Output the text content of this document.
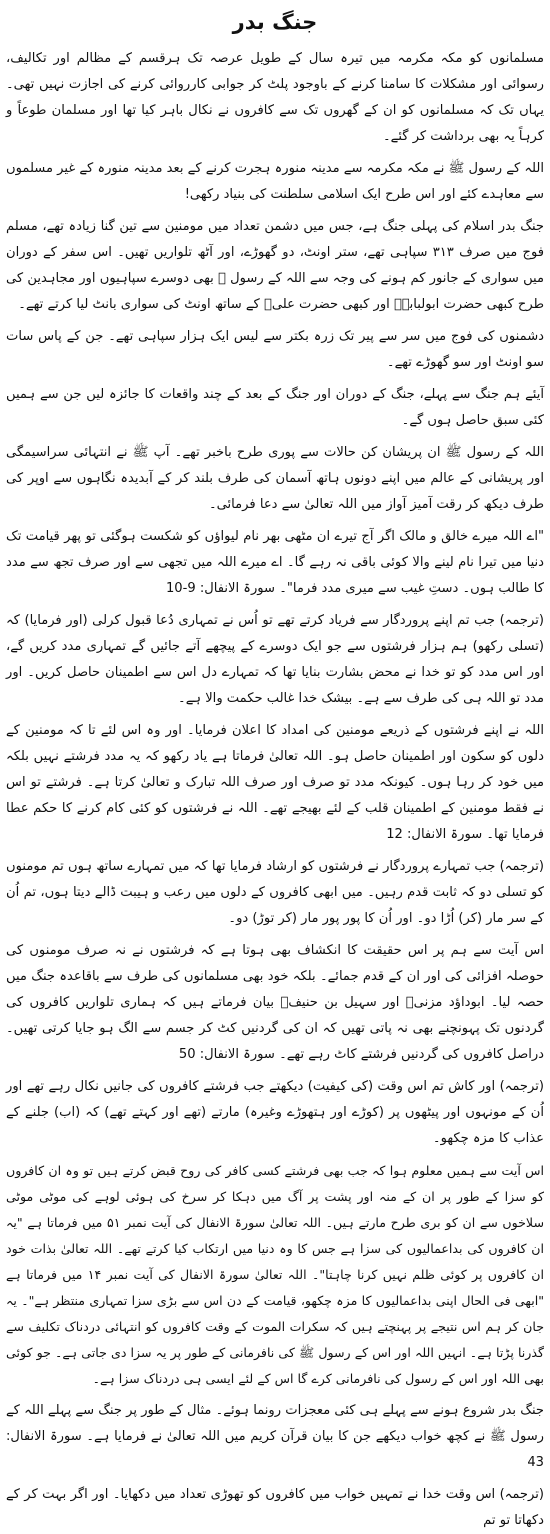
جنگ بدر

مسلمانوں کو مکہ مکرمہ میں تیرہ سال کے طویل عرصہ تک ہرقسم کے مظالم اور تکالیف، رسوائی اور مشکلات کا سامنا کرنے کے باوجود پلٹ کر جوابی کارروائی کرنے کی اجازت نہیں تھی۔ یہاں تک کہ مسلمانوں کو ان کے گھروں تک سے کافروں نے نکال باہر کیا تھا اور مسلمان طوعاً و کرہاً یہ بھی برداشت کر گئے۔

اللہ کے رسول ﷺ نے مکہ مکرمہ سے مدینہ منورہ ہجرت کرنے کے بعد مدینہ منورہ کے غیر مسلموں سے معاہدے کئے اور اس طرح ایک اسلامی سلطنت کی بنیاد رکھی!

جنگ بدر اسلام کی پہلی جنگ ہے، جس میں دشمن تعداد میں مومنین سے تین گنا زیادہ تھے، مسلم فوج میں صرف ۳۱۳ سپاہی تھے، ستر اونٹ، دو گھوڑے، اور آٹھ تلواریں تھیں۔ اس سفر کے دوران میں سواری کے جانور کم ہونے کی وجہ سے اللہ کے رسول ﷺ بھی دوسرے سپاہیوں اور مجاہدین کی طرح کبھی حضرت ابولبابہؓ اور کبھی حضرت علیؓ کے ساتھ اونٹ کی سواری بانٹ لیا کرتے تھے۔

دشمنوں کی فوج میں سر سے پیر تک زرہ بکتر سے لیس ایک ہزار سپاہی تھے۔ جن کے پاس سات سو اونٹ اور سو گھوڑے تھے۔

آیئے ہم جنگ سے پہلے، جنگ کے دوران اور جنگ کے بعد کے چند واقعات کا جائزہ لیں جن سے ہمیں کئی سبق حاصل ہوں گے۔

اللہ کے رسول ﷺ ان پریشان کن حالات سے پوری طرح باخبر تھے۔ آپ ﷺ نے انتہائی سراسیمگی اور پریشانی کے عالم میں اپنے دونوں ہاتھ آسمان کی طرف بلند کر کے آبدیدہ نگاہوں سے اوپر کی طرف دیکھ کر رقت آمیز آواز میں اللہ تعالیٰ سے دعا فرمائی۔

"اے اللہ میرے خالق و مالک اگر آج تیرے ان مٹھی بھر نام لیواؤں کو شکست ہوگئی تو پھر قیامت تک دنیا میں تیرا نام لینے والا کوئی باقی نہ رہے گا۔ اے میرے اللہ میں تجھی سے اور صرف تجھ سے مدد کا طالب ہوں۔ دستِ غیب سے میری مدد فرما"۔ سورۃ الانفال: 9-10

(ترجمہ) جب تم اپنے پروردگار سے فریاد کرتے تھے تو اُس نے تمہاری دُعا قبول کرلی (اور فرمایا) کہ (تسلی رکھو) ہم ہزار فرشتوں سے جو ایک دوسرے کے پیچھے آتے جائیں گے تمہاری مدد کریں گے، اور اس مدد کو تو خدا نے محض بشارت بنایا تھا کہ تمہارے دل اس سے اطمینان حاصل کریں۔ اور مدد تو اللہ ہی کی طرف سے ہے۔ بیشک خدا غالب حکمت والا ہے۔

اللہ نے اپنے فرشتوں کے ذریعے مومنین کی امداد کا اعلان فرمایا۔ اور وہ اس لئے تا کہ مومنین کے دلوں کو سکون اور اطمینان حاصل ہو۔ اللہ تعالیٰ فرماتا ہے یاد رکھو کہ یہ مدد فرشتے نہیں بلکہ میں خود کر رہا ہوں۔ کیونکہ مدد تو صرف اور صرف اللہ تبارک و تعالیٰ کرتا ہے۔ فرشتے تو اس نے فقط مومنین کے اطمینان قلب کے لئے بھیجے تھے۔ اللہ نے فرشتوں کو کئی کام کرنے کا حکم عطا فرمایا تھا۔ سورۃ الانفال: 12

(ترجمہ) جب تمہارے پروردگار نے فرشتوں کو ارشاد فرمایا تھا کہ میں تمہارے ساتھ ہوں تم مومنوں کو تسلی دو کہ ثابت قدم رہیں۔ میں ابھی کافروں کے دلوں میں رعب و ہیبت ڈالے دیتا ہوں، تم اُن کے سر مار (کر) اُڑا دو۔ اور اُن کا پور پور مار (کر توڑ) دو۔

اس آیت سے ہم پر اس حقیقت کا انکشاف بھی ہوتا ہے کہ فرشتوں نے نہ صرف مومنوں کی حوصلہ افزائی کی اور ان کے قدم جمائے۔ بلکہ خود بھی مسلمانوں کی طرف سے باقاعدہ جنگ میں حصہ لیا۔ ابوداؤد مزنیؓ اور سہیل بن حنیفؓ بیان فرماتے ہیں کہ ہماری تلواریں کافروں کی گردنوں تک پہونچنے بھی نہ پاتی تھیں کہ ان کی گردنیں کٹ کر جسم سے الگ ہو جایا کرتی تھیں۔ دراصل کافروں کی گردنیں فرشتے کاٹ رہے تھے۔ سورۃ الانفال: 50

(ترجمہ) اور کاش تم اس وقت (کی کیفیت) دیکھتے جب فرشتے کافروں کی جانیں نکال رہے تھے اور اُن کے مونہوں اور پیٹھوں پر (کوڑے اور ہتھوڑے وغیرہ) مارتے (تھے اور کہتے تھے) کہ (اب) جلنے کے عذاب کا مزہ چکھو۔

اس آیت سے ہمیں معلوم ہوا کہ جب بھی فرشتے کسی کافر کی روح قبض کرتے ہیں تو وہ ان کافروں کو سزا کے طور پر ان کے منہ اور پشت پر آگ میں دہکا کر سرخ کی ہوئی لوہے کی موٹی موٹی سلاخوں سے ان کو بری طرح مارتے ہیں۔ اللہ تعالیٰ سورۃ الانفال کی آیت نمبر ۵۱ میں فرماتا ہے "یہ ان کافروں کی بداعمالیوں کی سزا ہے جس کا وہ دنیا میں ارتکاب کیا کرتے تھے۔ اللہ تعالیٰ بذات خود ان کافروں پر کوئی ظلم نہیں کرنا چاہتا"۔ اللہ تعالیٰ سورۃ الانفال کی آیت نمبر ۱۴ میں فرماتا ہے "ابھی فی الحال اپنی بداعمالیوں کا مزہ چکھو، قیامت کے دن اس سے بڑی سزا تمہاری منتظر ہے"۔ یہ جان کر ہم اس نتیجے پر پہنچتے ہیں کہ سکرات الموت کے وقت کافروں کو انتہائی دردناک تکلیف سے گذرنا پڑتا ہے۔ انہیں اللہ اور اس کے رسول ﷺ کی نافرمانی کے طور پر یہ سزا دی جاتی ہے۔ جو کوئی بھی اللہ اور اس کے رسول کی نافرمانی کرے گا اس کے لئے ایسی ہی دردناک سزا ہے۔

جنگ بدر شروع ہونے سے پہلے ہی کئی معجزات رونما ہوئے۔ مثال کے طور پر جنگ سے پہلے اللہ کے رسول ﷺ نے کچھ خواب دیکھے جن کا بیان قرآن کریم میں اللہ تعالیٰ نے فرمایا ہے۔ سورۃ الانفال: 43

(ترجمہ) اس وقت خدا نے تمہیں خواب میں کافروں کو تھوڑی تعداد میں دکھایا۔ اور اگر بہت کر کے دکھاتا تو تم
